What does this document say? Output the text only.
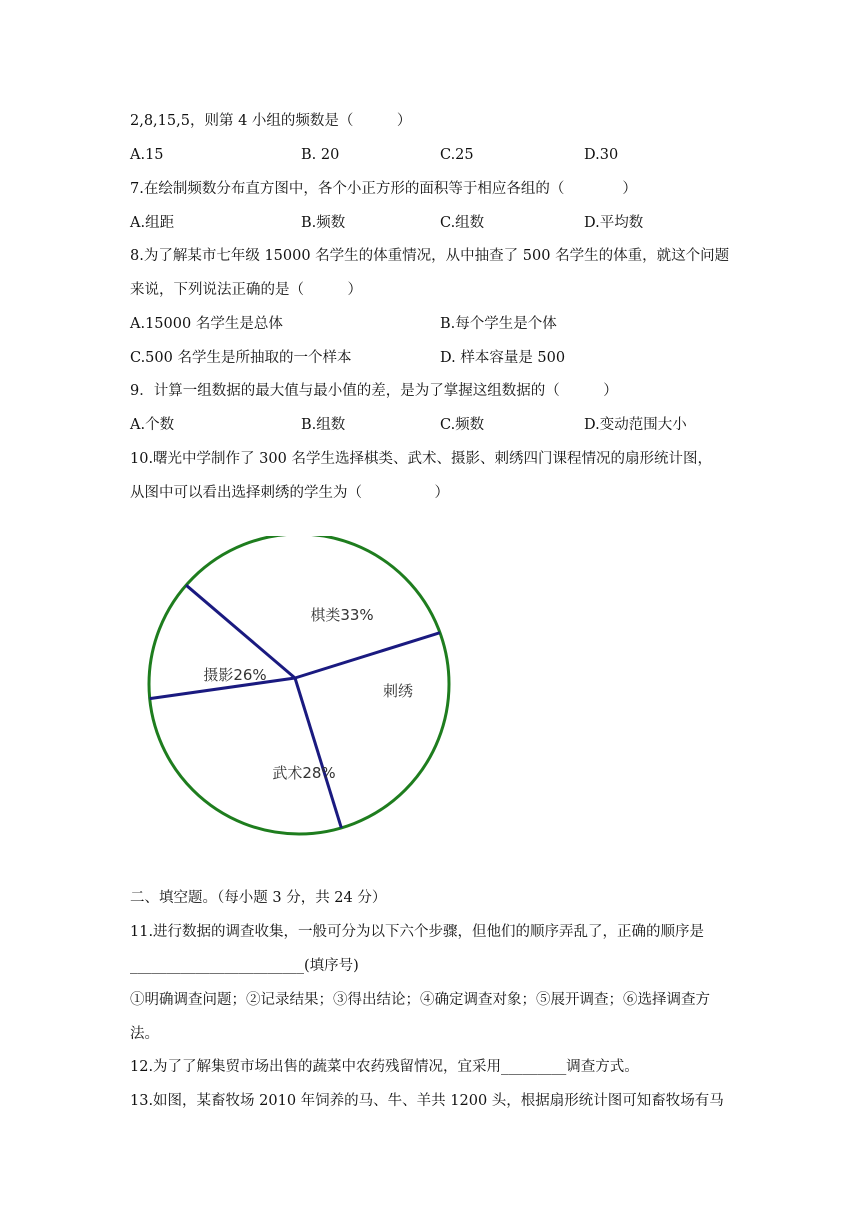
2,8,15,5，则第 4 小组的频数是（　　　）
A.15	B. 20	C.25	D.30
7.在绘制频数分布直方图中，各个小正方形的面积等于相应各组的（　　　　）
A.组距	B.频数	C.组数	D.平均数
8.为了解某市七年级 15000 名学生的体重情况，从中抽查了 500 名学生的体重，就这个问题
来说，下列说法正确的是（　　　）
A.15000 名学生是总体	B.每个学生是个体
C.500 名学生是所抽取的一个样本	D. 样本容量是 500
9．计算一组数据的最大值与最小值的差，是为了掌握这组数据的（　　　）
A.个数	B.组数	C.频数	D.变动范围大小
10.曙光中学制作了 300 名学生选择棋类、武术、摄影、刺绣四门课程情况的扇形统计图，
从图中可以看出选择刺绣的学生为（　　　　　）
棋类33%
刺绣
武术28%
摄影26%
二、填空题。（每小题 3 分，共 24 分）
11.进行数据的调查收集，一般可分为以下六个步骤，但他们的顺序弄乱了，正确的顺序是
________________________(填序号)
①明确调查问题；②记录结果；③得出结论；④确定调查对象；⑤展开调查；⑥选择调查方
法。
12.为了了解集贸市场出售的蔬菜中农药残留情况，宜采用_________调查方式。
13.如图，某畜牧场 2010 年饲养的马、牛、羊共 1200 头，根据扇形统计图可知畜牧场有马
